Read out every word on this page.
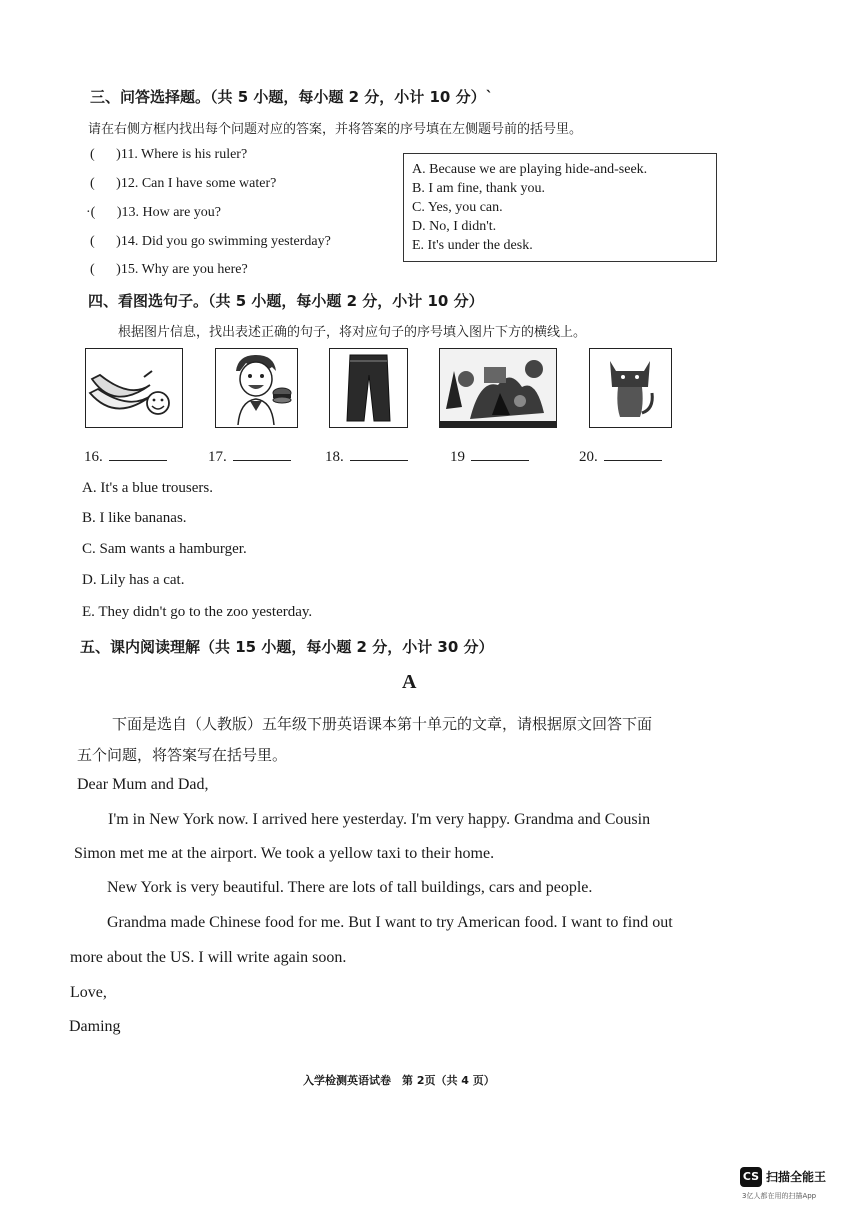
三、问答选择题。（共 5 小题，每小题 2 分，小计 10 分）`
请在右侧方框内找出每个问题对应的答案，并将答案的序号填在左侧题号前的括号里。
( )11. Where is his ruler?
( )12. Can I have some water?
·( )13. How are you?
( )14. Did you go swimming yesterday?
( )15. Why are you here?
A. Because we are playing hide-and-seek.
B. I am fine, thank you.
C. Yes, you can.
D. No, I didn't.
E. It's under the desk.
四、看图选句子。（共 5 小题，每小题 2 分，小计 10 分）
根据图片信息，找出表述正确的句子，将对应句子的序号填入图片下方的横线上。
16.	17.	18.	19	20.
A. It's a blue trousers.
B. I like bananas.
C. Sam wants a hamburger.
D. Lily has a cat.
E. They didn't go to the zoo yesterday.
五、课内阅读理解（共 15 小题，每小题 2 分，小计 30 分）
A
下面是选自（人教版）五年级下册英语课本第十单元的文章，请根据原文回答下面
五个问题，将答案写在括号里。
Dear Mum and Dad,
I'm in New York now. I arrived here yesterday. I'm very happy. Grandma and Cousin
Simon met me at the airport. We took a yellow taxi to their home.
New York is very beautiful. There are lots of tall buildings, cars and people.
Grandma made Chinese food for me. But I want to try American food. I want to find out
more about the US. I will write again soon.
Love,
Daming
入学检测英语试卷　第 2页（共 4 页）
CS 扫描全能王
3亿人都在用的扫描App
